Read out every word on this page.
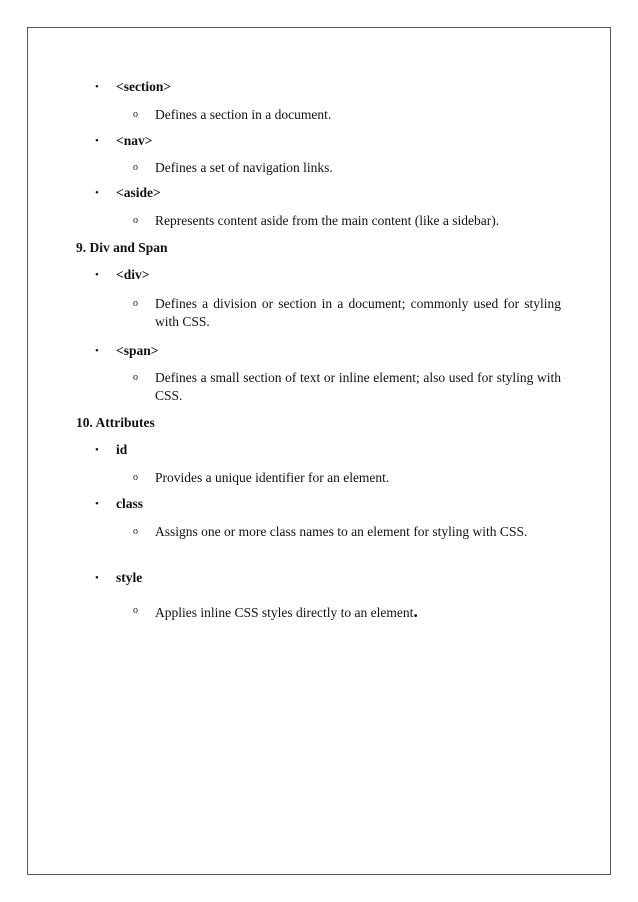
•	<section>
o Defines a section in a document.
•	<nav>
o Defines a set of navigation links.
•	<aside>
o Represents content aside from the main content (like a sidebar).
9. Div and Span
•	<div>
o Defines a division or section in a document; commonly used for styling with CSS.
•	<span>
o Defines a small section of text or inline element; also used for styling with CSS.
10. Attributes
•	id
o Provides a unique identifier for an element.
•	class
o Assigns one or more class names to an element for styling with CSS.
•	style
o Applies inline CSS styles directly to an element.
